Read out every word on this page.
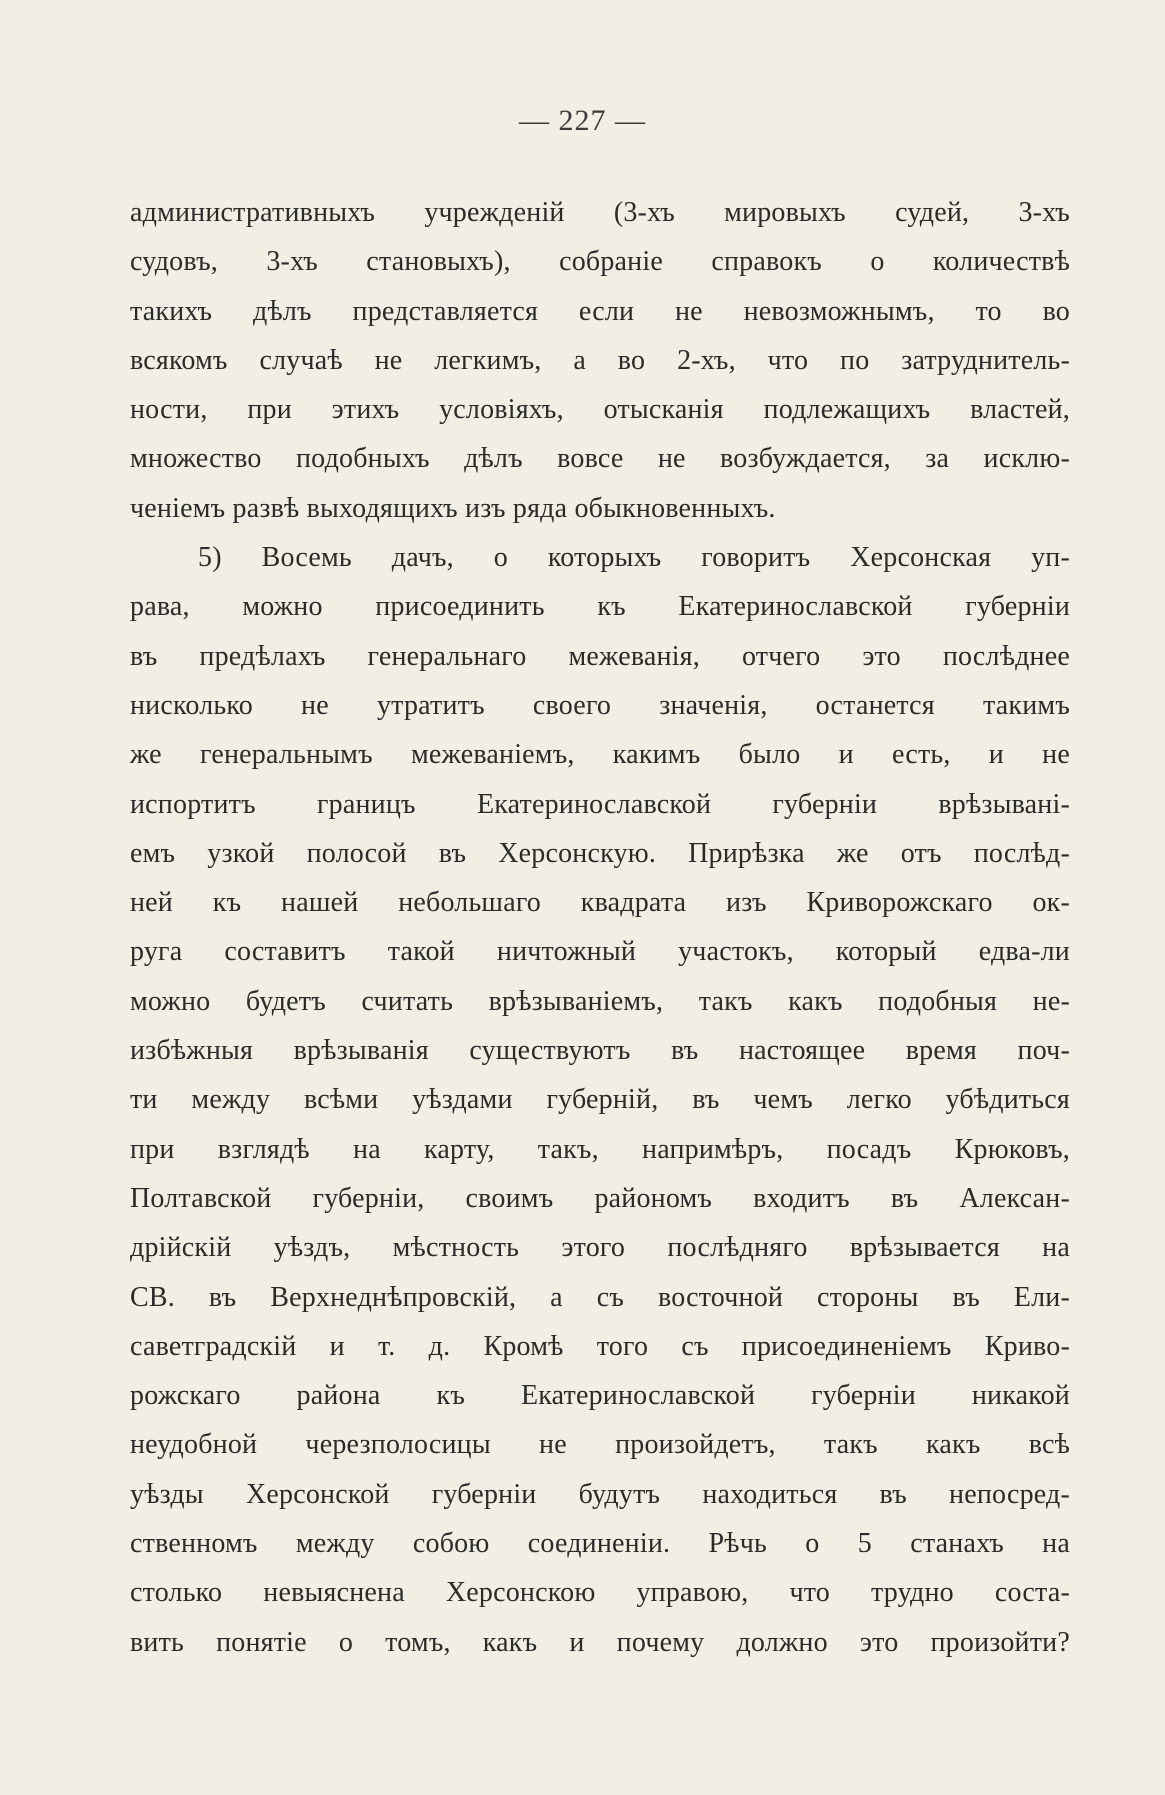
— 227 —
административныхъ учрежденій (3-хъ мировыхъ судей, 3-хъ
судовъ, 3-хъ становыхъ), собраніе справокъ о количествѣ
такихъ дѣлъ представляется если не невозможнымъ, то во
всякомъ случаѣ не легкимъ, а во 2-хъ, что по затруднитель-
ности, при этихъ условіяхъ, отысканія подлежащихъ властей,
множество подобныхъ дѣлъ вовсе не возбуждается, за исклю-
ченіемъ развѣ выходящихъ изъ ряда обыкновенныхъ.
5) Восемь дачъ, о которыхъ говоритъ Херсонская уп-
рава, можно присоединить къ Екатеринославской губерніи
въ предѣлахъ генеральнаго межеванія, отчего это послѣднее
нисколько не утратитъ своего значенія, останется такимъ
же генеральнымъ межеваніемъ, какимъ было и есть, и не
испортитъ границъ Екатеринославской губерніи врѣзывані-
емъ узкой полосой въ Херсонскую. Прирѣзка же отъ послѣд-
ней къ нашей небольшаго квадрата изъ Криворожскаго ок-
руга составитъ такой ничтожный участокъ, который едва-ли
можно будетъ считать врѣзываніемъ, такъ какъ подобныя не-
избѣжныя врѣзыванія существуютъ въ настоящее время поч-
ти между всѣми уѣздами губерній, въ чемъ легко убѣдиться
при взглядѣ на карту, такъ, напримѣръ, посадъ Крюковъ,
Полтавской губерніи, своимъ райономъ входитъ въ Алексан-
дрійскій уѣздъ, мѣстность этого послѣдняго врѣзывается на
СВ. въ Верхнеднѣпровскій, а съ восточной стороны въ Ели-
саветградскій и т. д. Кромѣ того съ присоединеніемъ Криво-
рожскаго района къ Екатеринославской губерніи никакой
неудобной черезполосицы не произойдетъ, такъ какъ всѣ
уѣзды Херсонской губерніи будутъ находиться въ непосред-
ственномъ между собою соединеніи. Рѣчь о 5 станахъ на
столько невыяснена Херсонскою управою, что трудно соста-
вить понятіе о томъ, какъ и почему должно это произойти?
